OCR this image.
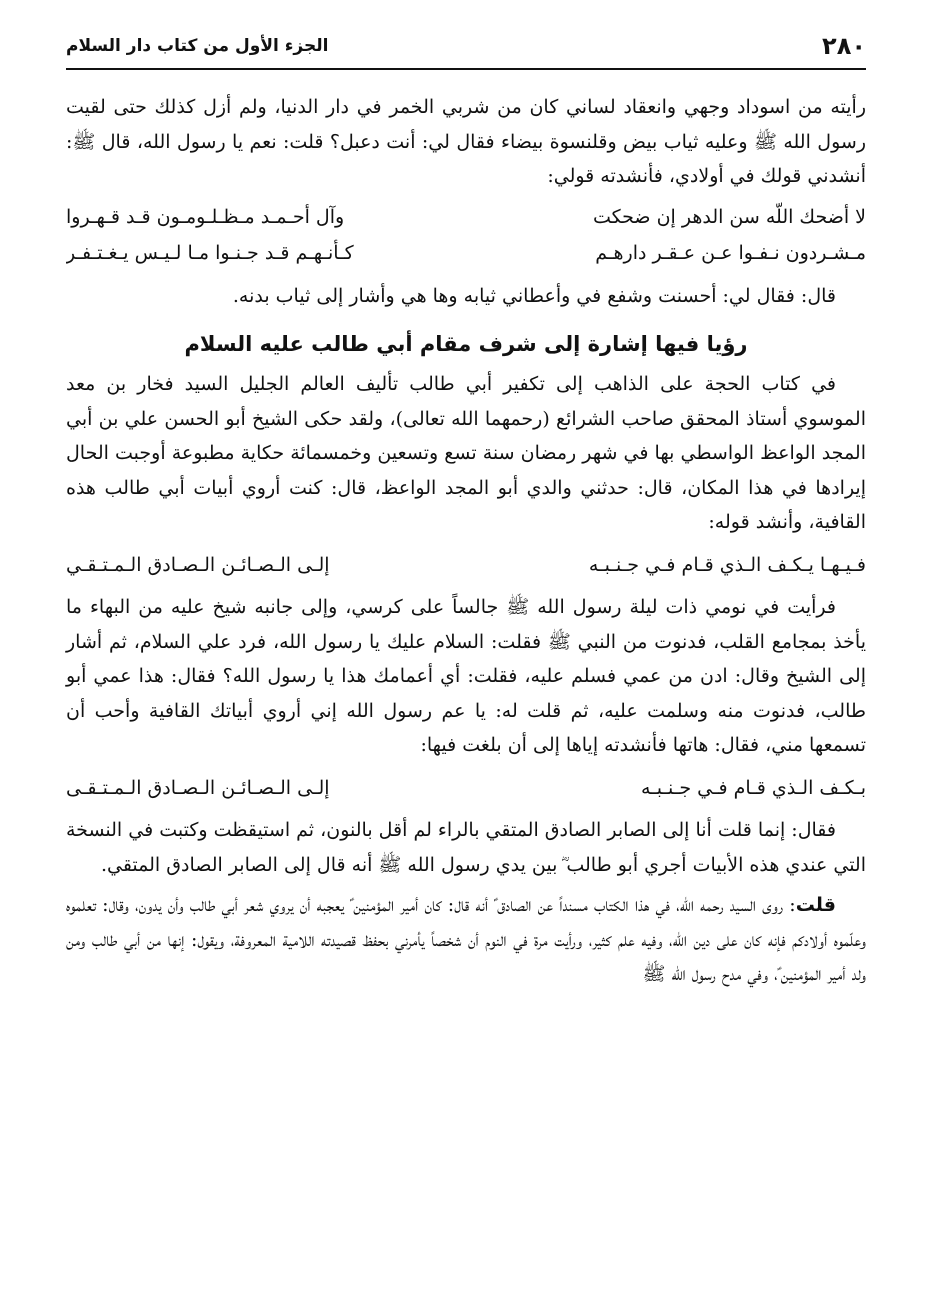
٢٨٠
الجزء الأول من كتاب دار السلام

رأيته من اسوداد وجهي وانعقاد لساني كان من شربي الخمر في دار الدنيا، ولم أزل كذلك حتى لقيت رسول الله ﷺ وعليه ثياب بيض وقلنسوة بيضاء فقال لي: أنت دعبل؟ قلت: نعم يا رسول الله، قال ﷺ: أنشدني قولك في أولادي، فأنشدته قولي:

لا أضحك اللّه سن الدهر إن ضحكت
وآل أحـمـد مـظـلـومـون قـد قـهـروا
مـشـردون نـفـوا عـن عـقـر دارهـم
كـأنـهـم قـد جـنـوا مـا لـيـس يـغـتـفـر

قال: فقال لي: أحسنت وشفع في وأعطاني ثيابه وها هي وأشار إلى ثياب بدنه.

رؤيا فيها إشارة إلى شرف مقام أبي طالب عليه السلام

في كتاب الحجة على الذاهب إلى تكفير أبي طالب تأليف العالم الجليل السيد فخار بن معد الموسوي أستاذ المحقق صاحب الشرائع (رحمهما الله تعالى)، ولقد حكى الشيخ أبو الحسن علي بن أبي المجد الواعظ الواسطي بها في شهر رمضان سنة تسع وتسعين وخمسمائة حكاية مطبوعة أوجبت الحال إيرادها في هذا المكان، قال: حدثني والدي أبو المجد الواعظ، قال: كنت أروي أبيات أبي طالب هذه القافية، وأنشد قوله:

فـيـهـا يـكـف الـذي قـام فـي جـنـبـه
إلـى الـصـائـن الـصـادق الـمـتـقـي

فرأيت في نومي ذات ليلة رسول الله ﷺ جالساً على كرسي، وإلى جانبه شيخ عليه من البهاء ما يأخذ بمجامع القلب، فدنوت من النبي ﷺ فقلت: السلام عليك يا رسول الله، فرد علي السلام، ثم أشار إلى الشيخ وقال: ادن من عمي فسلم عليه، فقلت: أي أعمامك هذا يا رسول الله؟ فقال: هذا عمي أبو طالب، فدنوت منه وسلمت عليه، ثم قلت له: يا عم رسول الله إني أروي أبياتك القافية وأحب أن تسمعها مني، فقال: هاتها فأنشدته إياها إلى أن بلغت فيها:

بـكـف الـذي قـام فـي جـنـبـه
إلـى الـصـائـن الـصـادق الـمـتـقـى

فقال: إنما قلت أنا إلى الصابر الصادق المتقي بالراء لم أقل بالنون، ثم استيقظت وكتبت في النسخة التي عندي هذه الأبيات أجري أبو طالب ؓ بين يدي رسول الله ﷺ أنه قال إلى الصابر الصادق المتقي.

قلت: روى السيد رحمه الله، في هذا الكتاب مسنداً عن الصادق ؑ أنه قال: كان أمير المؤمنين ؑ يعجبه أن يروي شعر أبي طالب وأن يدون، وقال: تعلموه وعلّموه أولادكم فإنه كان على دين الله، وفيه علم كثير، ورأيت مرة في النوم أن شخصاً يأمرني بحفظ قصيدته اللامية المعروفة، ويقول: إنها من أبي طالب ومن ولد أمير المؤمنين ؑ، وفي مدح رسول الله ﷺ
